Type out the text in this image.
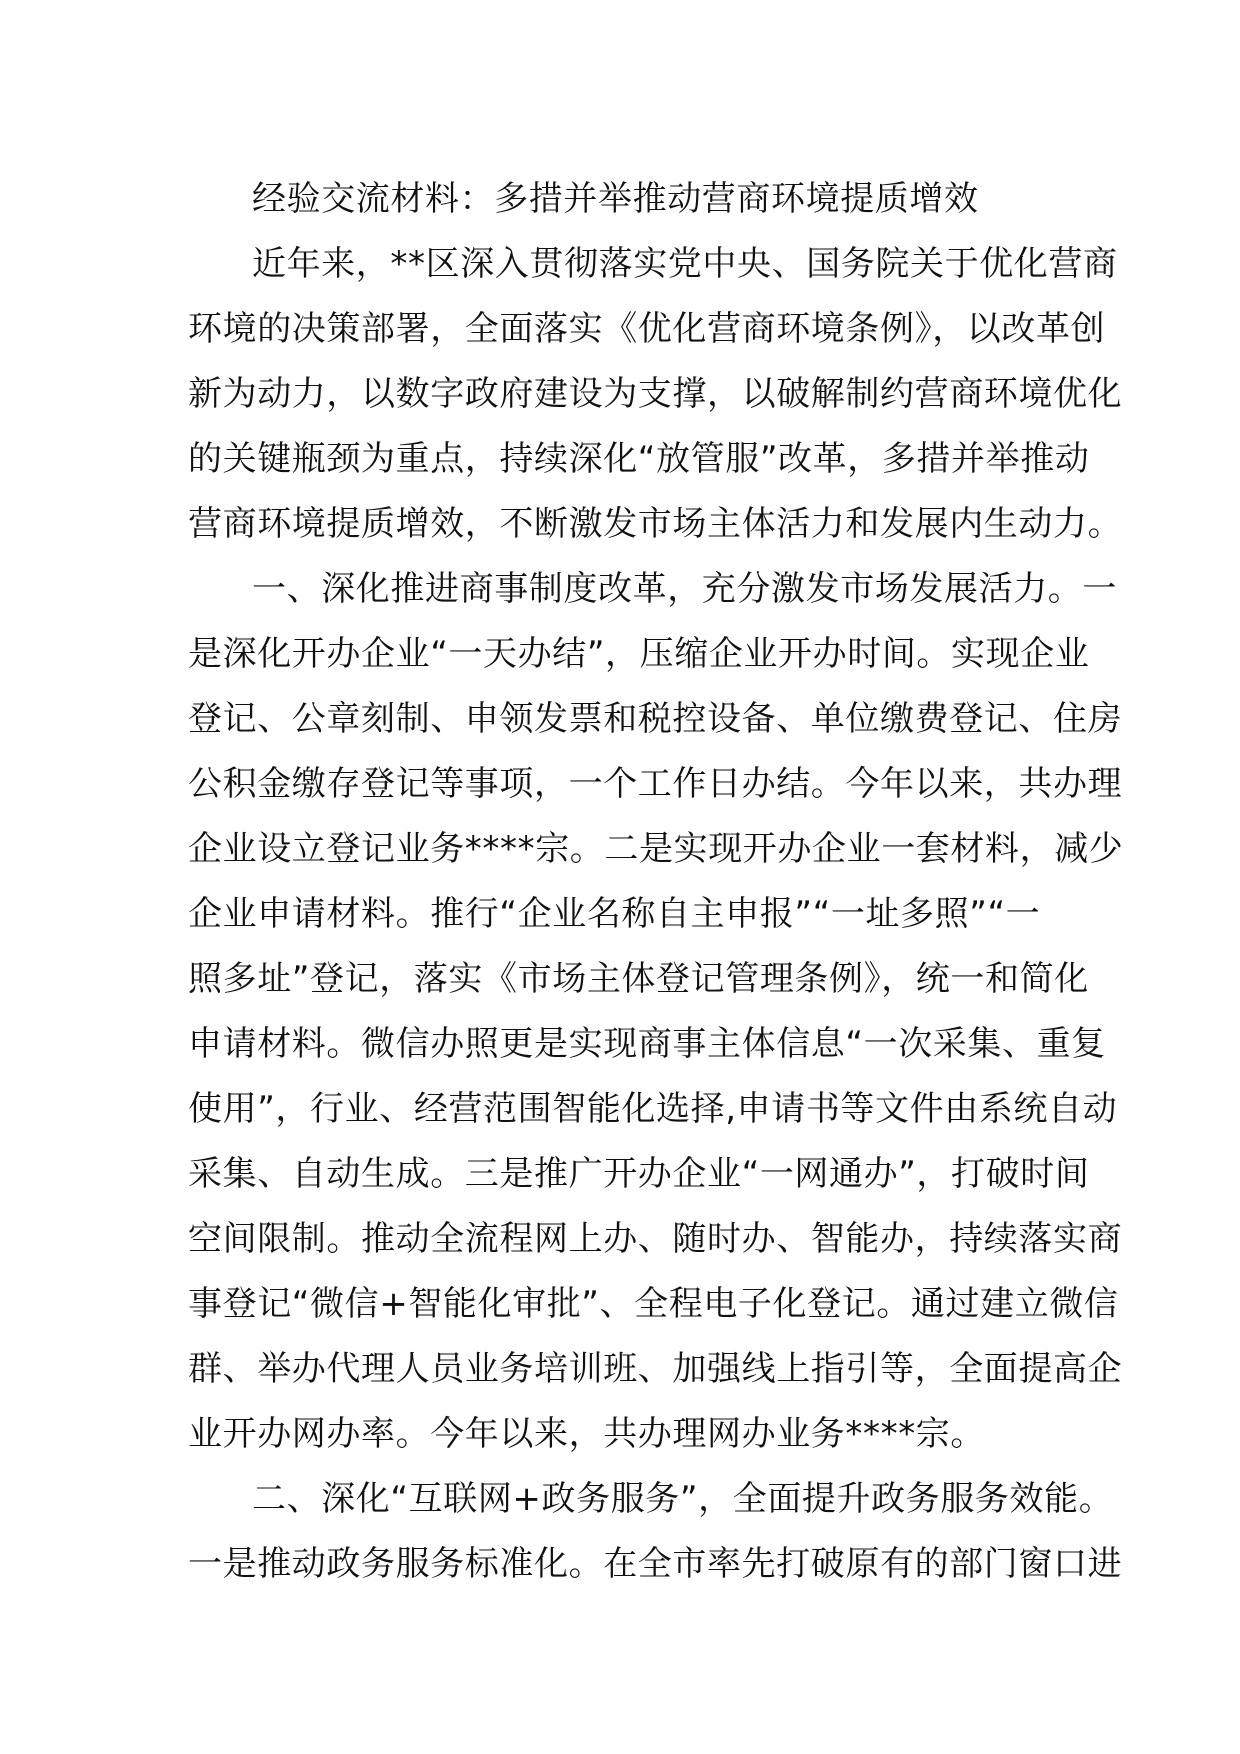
经验交流材料：多措并举推动营商环境提质增效
近年来，**区深入贯彻落实党中央、国务院关于优化营商
环境的决策部署，全面落实《优化营商环境条例》，以改革创
新为动力，以数字政府建设为支撑，以破解制约营商环境优化
的关键瓶颈为重点，持续深化“放管服”改革，多措并举推动
营商环境提质增效，不断激发市场主体活力和发展内生动力。
一、深化推进商事制度改革，充分激发市场发展活力。一
是深化开办企业“一天办结”，压缩企业开办时间。实现企业
登记、公章刻制、申领发票和税控设备、单位缴费登记、住房
公积金缴存登记等事项，一个工作日办结。今年以来，共办理
企业设立登记业务****宗。二是实现开办企业一套材料，减少
企业申请材料。推行“企业名称自主申报”“一址多照”“一
照多址”登记，落实《市场主体登记管理条例》，统一和简化
申请材料。微信办照更是实现商事主体信息“一次采集、重复
使用”，行业、经营范围智能化选择,申请书等文件由系统自动
采集、自动生成。三是推广开办企业“一网通办”，打破时间
空间限制。推动全流程网上办、随时办、智能办，持续落实商
事登记“微信+智能化审批”、全程电子化登记。通过建立微信
群、举办代理人员业务培训班、加强线上指引等，全面提高企
业开办网办率。今年以来，共办理网办业务****宗。
二、深化“互联网+政务服务”，全面提升政务服务效能。
一是推动政务服务标准化。在全市率先打破原有的部门窗口进
